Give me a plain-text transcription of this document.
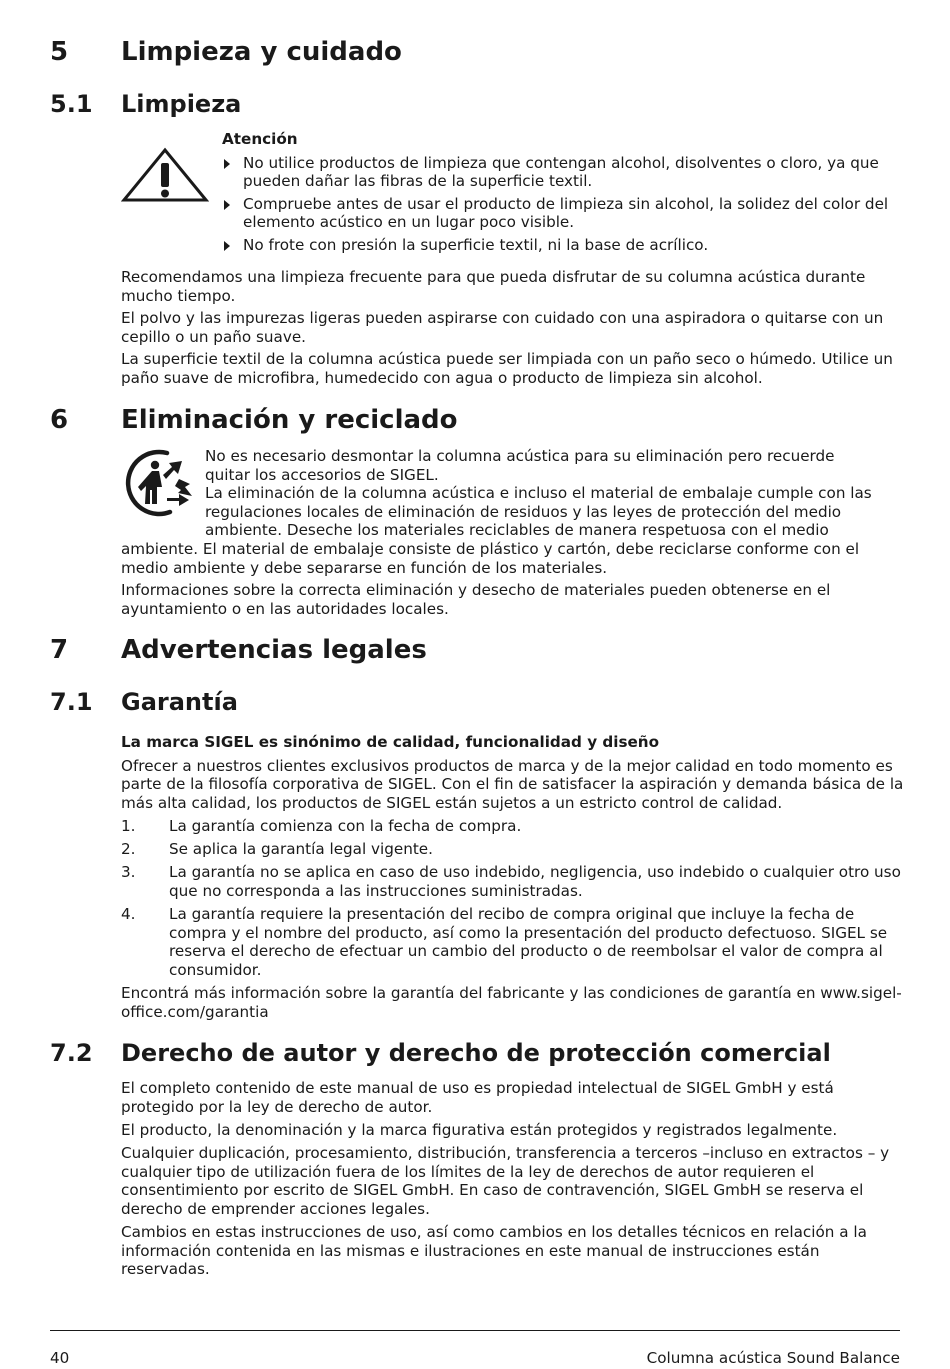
5 Limpieza y cuidado
5.1 Limpieza
Atención
No utilice productos de limpieza que contengan alcohol, disolventes o cloro, ya que pueden dañar las fibras de la superficie textil.
Compruebe antes de usar el producto de limpieza sin alcohol, la solidez del color del elemento acústico en un lugar poco visible.
No frote con presión la superficie textil, ni la base de acrílico.

Recomendamos una limpieza frecuente para que pueda disfrutar de su columna acústica durante mucho tiempo.

El polvo y las impurezas ligeras pueden aspirarse con cuidado con una aspiradora o quitarse con un cepillo o un paño suave.

La superficie textil de la columna acústica puede ser limpiada con un paño seco o húmedo. Utilice un paño suave de microfibra, humedecido con agua o producto de limpieza sin alcohol.

6 Eliminación y reciclado
No es necesario desmontar la columna acústica para su eliminación pero recuerde
quitar los accesorios de SIGEL.
La eliminación de la columna acústica e incluso el material de embalaje cumple con las
regulaciones locales de eliminación de residuos y las leyes de protección del medio
ambiente. Deseche los materiales reciclables de manera respetuosa con el medio
ambiente. El material de embalaje consiste de plástico y cartón, debe reciclarse conforme con el
medio ambiente y debe separarse en función de los materiales.

Informaciones sobre la correcta eliminación y desecho de materiales pueden obtenerse en el ayuntamiento o en las autoridades locales.

7 Advertencias legales
7.1 Garantía
La marca SIGEL es sinónimo de calidad, funcionalidad y diseño

Ofrecer a nuestros clientes exclusivos productos de marca y de la mejor calidad en todo momento es parte de la filosofía corporativa de SIGEL. Con el fin de satisfacer la aspiración y demanda básica de la más alta calidad, los productos de SIGEL están sujetos a un estricto control de calidad.

1. La garantía comienza con la fecha de compra.
2. Se aplica la garantía legal vigente.
3. La garantía no se aplica en caso de uso indebido, negligencia, uso indebido o cualquier otro uso que no corresponda a las instrucciones suministradas.
4. La garantía requiere la presentación del recibo de compra original que incluye la fecha de compra y el nombre del producto, así como la presentación del producto defectuoso. SIGEL se reserva el derecho de efectuar un cambio del producto o de reembolsar el valor de compra al consumidor.

Encontrá más información sobre la garantía del fabricante y las condiciones de garantía en www.sigel-office.com/garantia

7.2 Derecho de autor y derecho de protección comercial

El completo contenido de este manual de uso es propiedad intelectual de SIGEL GmbH y está protegido por la ley de derecho de autor.

El producto, la denominación y la marca figurativa están protegidos y registrados legalmente.

Cualquier duplicación, procesamiento, distribución, transferencia a terceros –incluso en extractos – y cualquier tipo de utilización fuera de los límites de la ley de derechos de autor requieren el consentimiento por escrito de SIGEL GmbH. En caso de contravención, SIGEL GmbH se reserva el derecho de emprender acciones legales.

Cambios en estas instrucciones de uso, así como cambios en los detalles técnicos en relación a la información contenida en las mismas e ilustraciones en este manual de instrucciones están reservadas.

40	Columna acústica Sound Balance
